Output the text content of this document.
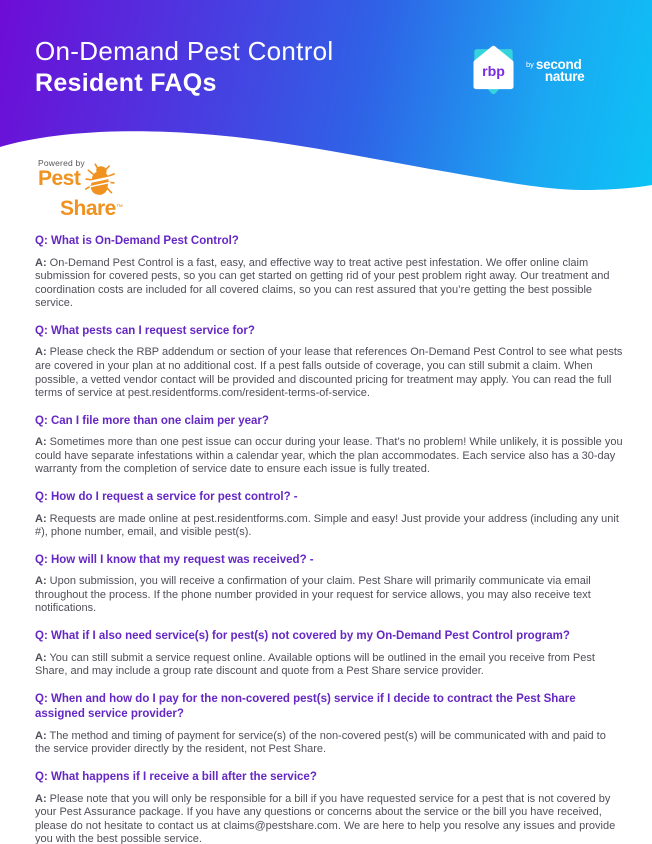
On-Demand Pest Control
Resident FAQs	rbp	by second
nature

Powered by

Pest

Share™

Q: What is On-Demand Pest Control?

A: On-Demand Pest Control is a fast, easy, and effective way to treat active pest infestation. We offer online claim submission for covered pests, so you can get started on getting rid of your pest problem right away. Our treatment and coordination costs are included for all covered claims, so you can rest assured that you’re getting the best possible service.

Q: What pests can I request service for?

A: Please check the RBP addendum or section of your lease that references On-Demand Pest Control to see what pests are covered in your plan at no additional cost. If a pest falls outside of coverage, you can still submit a claim. When possible, a vetted vendor contact will be provided and discounted pricing for treatment may apply. You can read the full terms of service at pest.residentforms.com/resident-terms-of-service.

Q: Can I file more than one claim per year?

A: Sometimes more than one pest issue can occur during your lease. That’s no problem! While unlikely, it is possible you could have separate infestations within a calendar year, which the plan accommodates. Each service also has a 30-day warranty from the completion of service date to ensure each issue is fully treated.

Q: How do I request a service for pest control? -

A: Requests are made online at pest.residentforms.com. Simple and easy! Just provide your address (including any unit #), phone number, email, and visible pest(s).

Q: How will I know that my request was received? -

A: Upon submission, you will receive a confirmation of your claim. Pest Share will primarily communicate via email throughout the process. If the phone number provided in your request for service allows, you may also receive text notifications.

Q: What if I also need service(s) for pest(s) not covered by my On-Demand Pest Control program?

A: You can still submit a service request online. Available options will be outlined in the email you receive from Pest Share, and may include a group rate discount and quote from a Pest Share service provider.

Q: When and how do I pay for the non-covered pest(s) service if I decide to contract the Pest Share assigned service provider?

A: The method and timing of payment for service(s) of the non-covered pest(s) will be communicated with and paid to the service provider directly by the resident, not Pest Share.

Q: What happens if I receive a bill after the service?

A: Please note that you will only be responsible for a bill if you have requested service for a pest that is not covered by your Pest Assurance package. If you have any questions or concerns about the service or the bill you have received, please do not hesitate to contact us at claims@pestshare.com. We are here to help you resolve any issues and provide you with the best possible service.
